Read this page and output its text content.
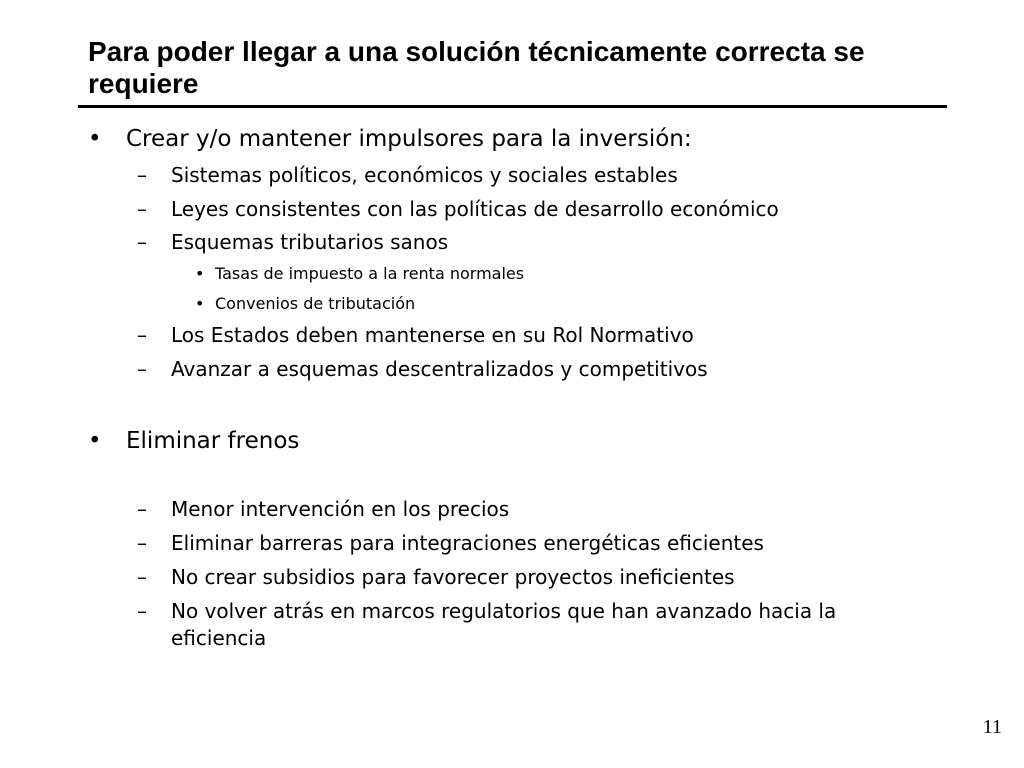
Para poder llegar a una solución técnicamente correcta se requiere
• Crear y/o mantener impulsores para la inversión:
– Sistemas políticos, económicos y sociales estables
– Leyes consistentes con las políticas de desarrollo económico
– Esquemas tributarios sanos
• Tasas de impuesto a la renta normales
• Convenios de tributación
– Los Estados deben mantenerse en su Rol Normativo
– Avanzar a esquemas descentralizados y competitivos
• Eliminar frenos
– Menor intervención en los precios
– Eliminar barreras para integraciones energéticas eficientes
– No crear subsidios para favorecer proyectos ineficientes
– No volver atrás en marcos regulatorios que han avanzado hacia la eficiencia
11
